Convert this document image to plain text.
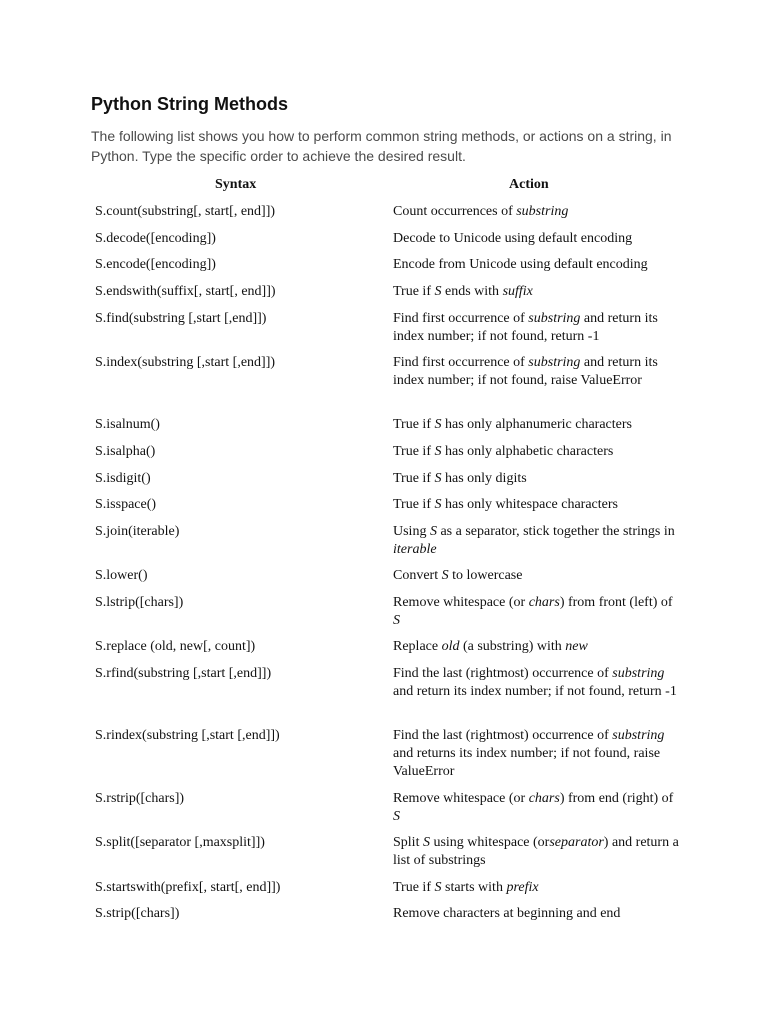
Python String Methods

The following list shows you how to perform common string methods, or actions on a string, in Python. Type the specific order to achieve the desired result.

Syntax	Action
S.count(substring[, start[, end]])	Count occurrences of substring
S.decode([encoding])	Decode to Unicode using default encoding
S.encode([encoding])	Encode from Unicode using default encoding
S.endswith(suffix[, start[, end]])	True if S ends with suffix
S.find(substring [,start [,end]])	Find first occurrence of substring and return its index number; if not found, return -1
S.index(substring [,start [,end]])	Find first occurrence of substring and return its index number; if not found, raise ValueError
S.isalnum()	True if S has only alphanumeric characters
S.isalpha()	True if S has only alphabetic characters
S.isdigit()	True if S has only digits
S.isspace()	True if S has only whitespace characters
S.join(iterable)	Using S as a separator, stick together the strings in iterable
S.lower()	Convert S to lowercase
S.lstrip([chars])	Remove whitespace (or chars) from front (left) of S
S.replace (old, new[, count])	Replace old (a substring) with new
S.rfind(substring [,start [,end]])	Find the last (rightmost) occurrence of substring and return its index number; if not found, return -1
S.rindex(substring [,start [,end]])	Find the last (rightmost) occurrence of substring and returns its index number; if not found, raise ValueError
S.rstrip([chars])	Remove whitespace (or chars) from end (right) of S
S.split([separator [,maxsplit]])	Split S using whitespace (orseparator) and return a list of substrings
S.startswith(prefix[, start[, end]])	True if S starts with prefix
S.strip([chars])	Remove characters at beginning and end
